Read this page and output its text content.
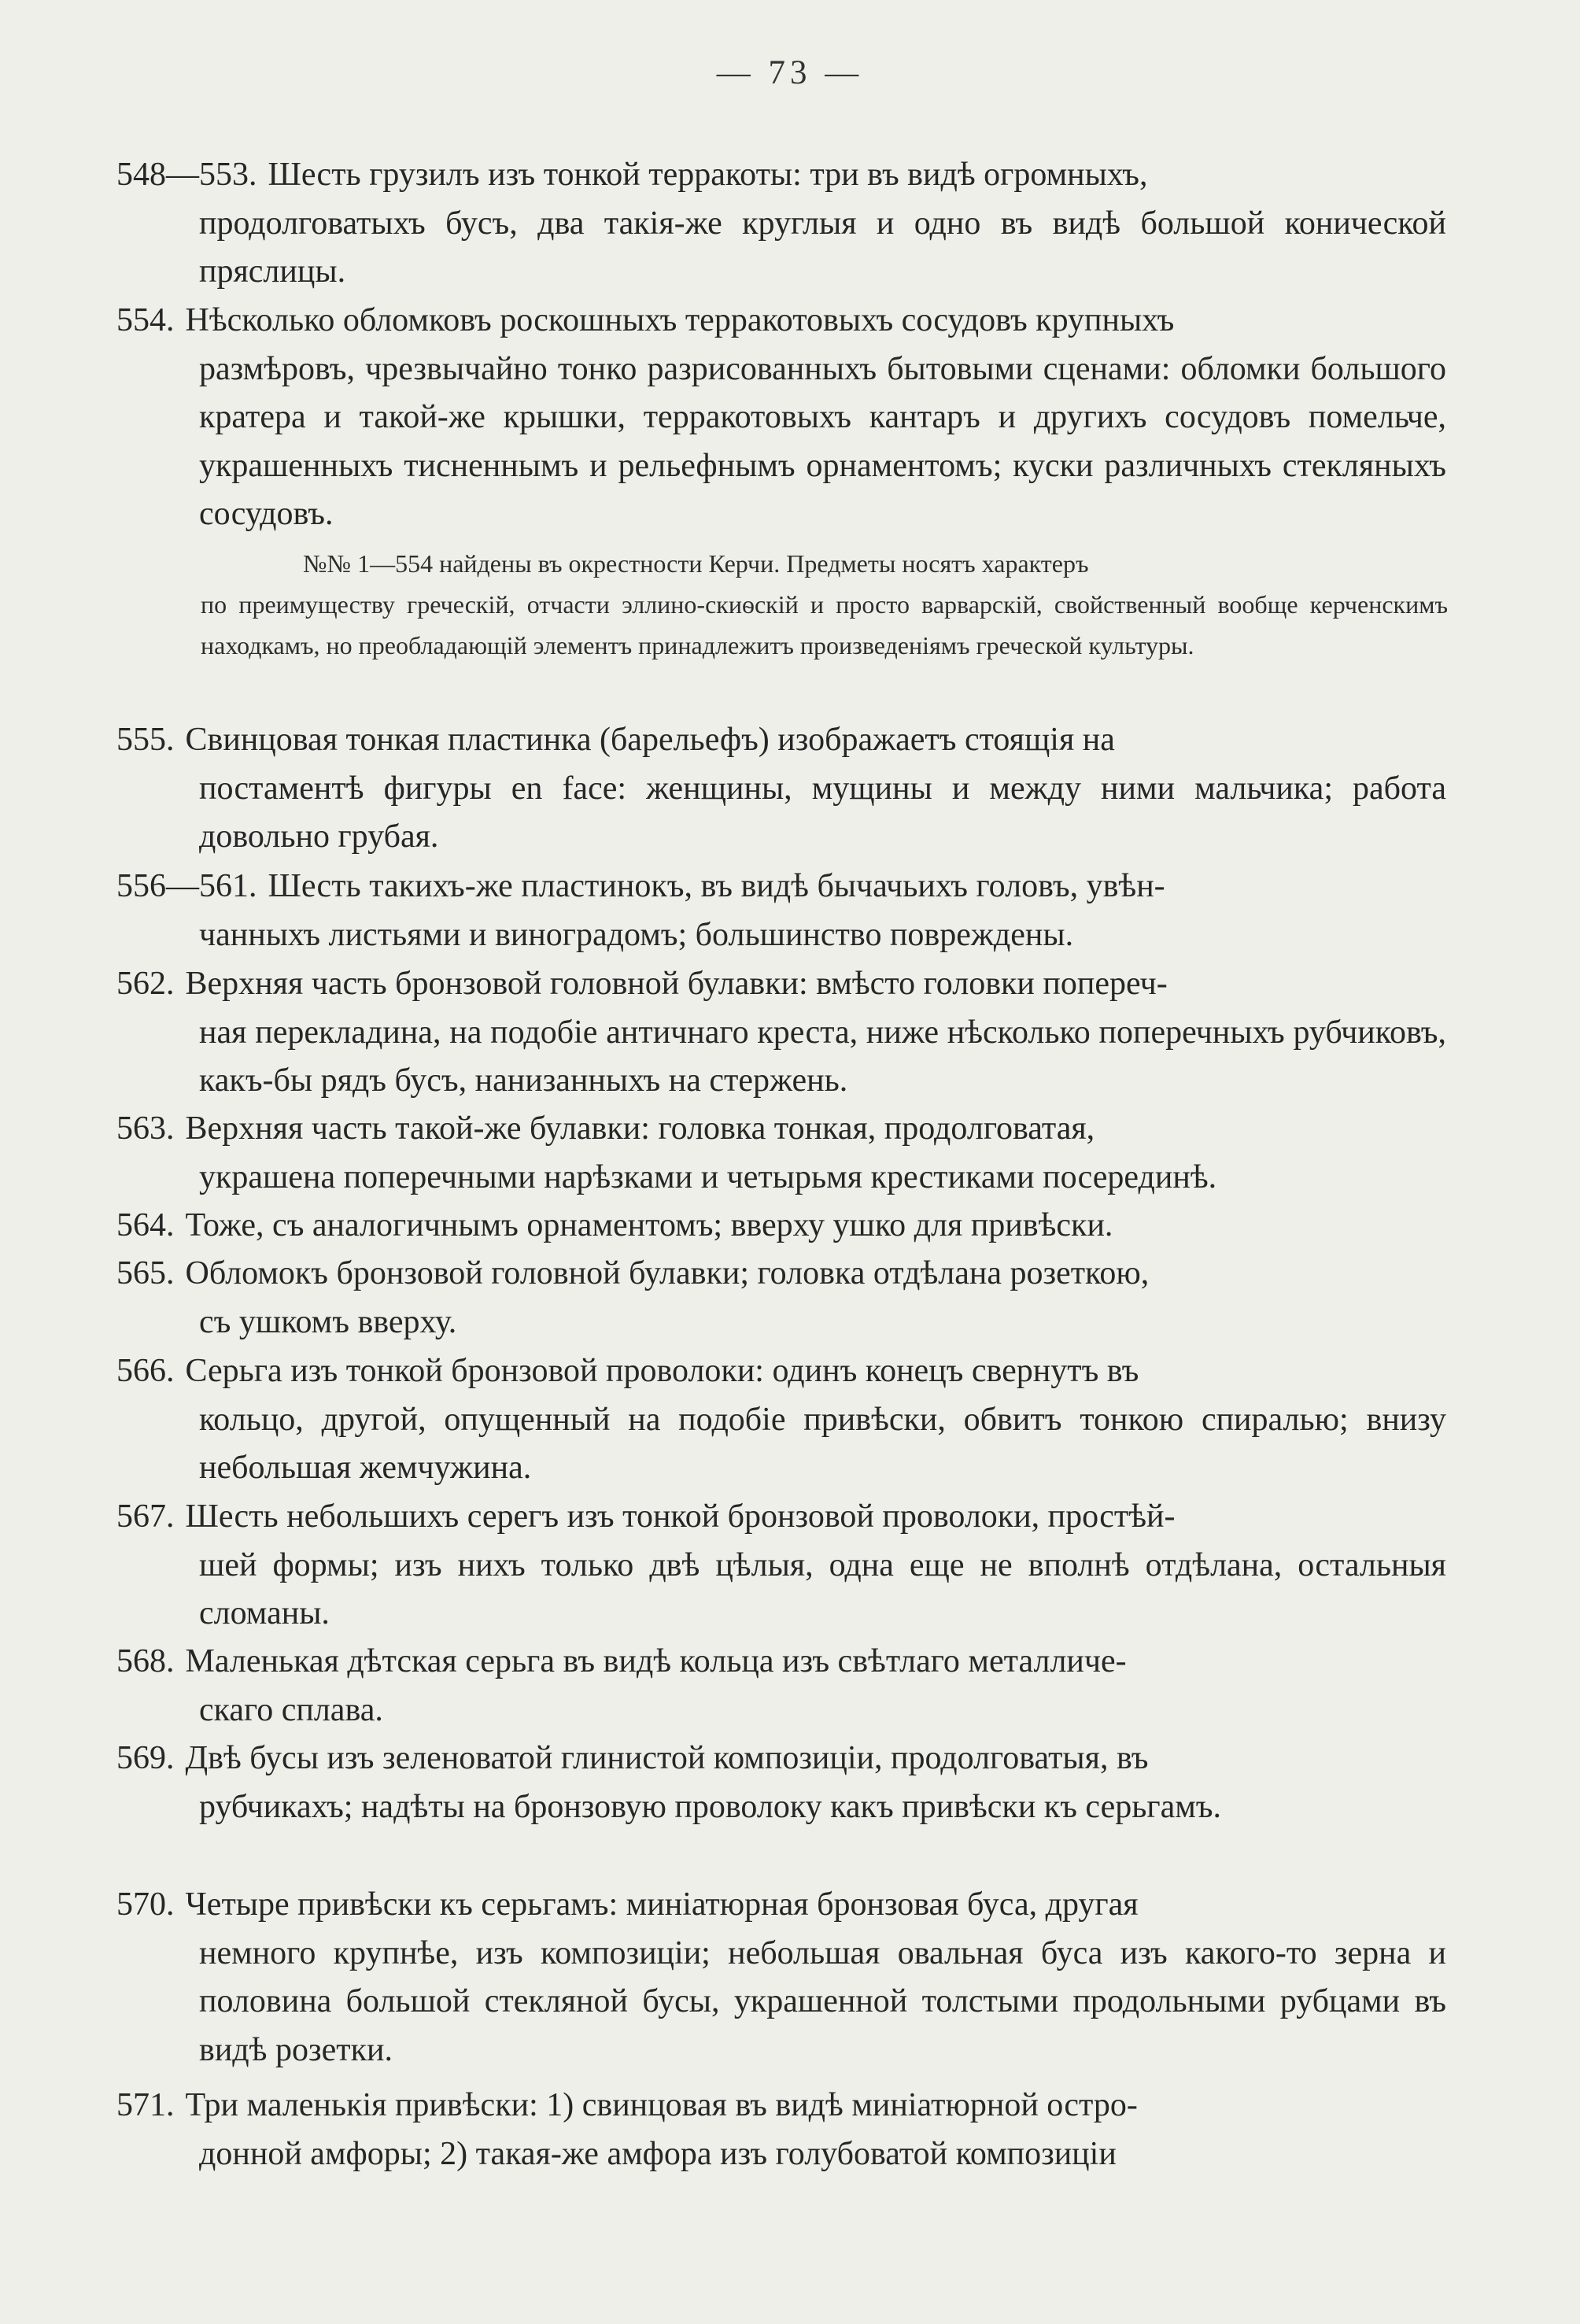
— 73 —
548—553. Шесть грузилъ изъ тонкой терракоты: три въ видѣ огромныхъ,
продолговатыхъ бусъ, два такія-же круглыя и одно въ видѣ большой конической пряслицы.
554. Нѣсколько обломковъ роскошныхъ терракотовыхъ сосудовъ крупныхъ
размѣровъ, чрезвычайно тонко разрисованныхъ бытовыми сценами: обломки большого кратера и такой-же крышки, терракотовыхъ кантаръ и другихъ сосудовъ помельче, украшенныхъ тисненнымъ и рельефнымъ орнаментомъ; куски различныхъ стекляныхъ сосудовъ.
№№ 1—554 найдены въ окрестности Керчи. Предметы носятъ характеръ
по преимуществу греческій, отчасти эллино-скиѳскій и просто варварскій, свойственный вообще керченскимъ находкамъ, но преобладающій элементъ принадлежитъ произведеніямъ греческой культуры.
555. Свинцовая тонкая пластинка (барельефъ) изображаетъ стоящія на
постаментѣ фигуры en face: женщины, мущины и между ними мальчика; работа довольно грубая.
556—561. Шесть такихъ-же пластинокъ, въ видѣ бычачьихъ головъ, увѣн-
чанныхъ листьями и виноградомъ; большинство повреждены.
562. Верхняя часть бронзовой головной булавки: вмѣсто головки попереч-
ная перекладина, на подобіе античнаго креста, ниже нѣсколько поперечныхъ рубчиковъ, какъ-бы рядъ бусъ, нанизанныхъ на стержень.
563. Верхняя часть такой-же булавки: головка тонкая, продолговатая,
украшена поперечными нарѣзками и четырьмя крестиками посерединѣ.
564. Тоже, съ аналогичнымъ орнаментомъ; вверху ушко для привѣски.
565. Обломокъ бронзовой головной булавки; головка отдѣлана розеткою,
съ ушкомъ вверху.
566. Серьга изъ тонкой бронзовой проволоки: одинъ конецъ свернутъ въ
кольцо, другой, опущенный на подобіе привѣски, обвитъ тонкою спиралью; внизу небольшая жемчужина.
567. Шесть небольшихъ серегъ изъ тонкой бронзовой проволоки, простѣй-
шей формы; изъ нихъ только двѣ цѣлыя, одна еще не вполнѣ отдѣлана, остальныя сломаны.
568. Маленькая дѣтская серьга въ видѣ кольца изъ свѣтлаго металличе-
скаго сплава.
569. Двѣ бусы изъ зеленоватой глинистой композиціи, продолговатыя, въ
рубчикахъ; надѣты на бронзовую проволоку какъ привѣски къ серьгамъ.
570. Четыре привѣски къ серьгамъ: миніатюрная бронзовая буса, другая
немного крупнѣе, изъ композиціи; небольшая овальная буса изъ какого-то зерна и половина большой стекляной бусы, украшенной толстыми продольными рубцами въ видѣ розетки.
571. Три маленькія привѣски: 1) свинцовая въ видѣ миніатюрной остро-
донной амфоры; 2) такая-же амфора изъ голубоватой композиціи
